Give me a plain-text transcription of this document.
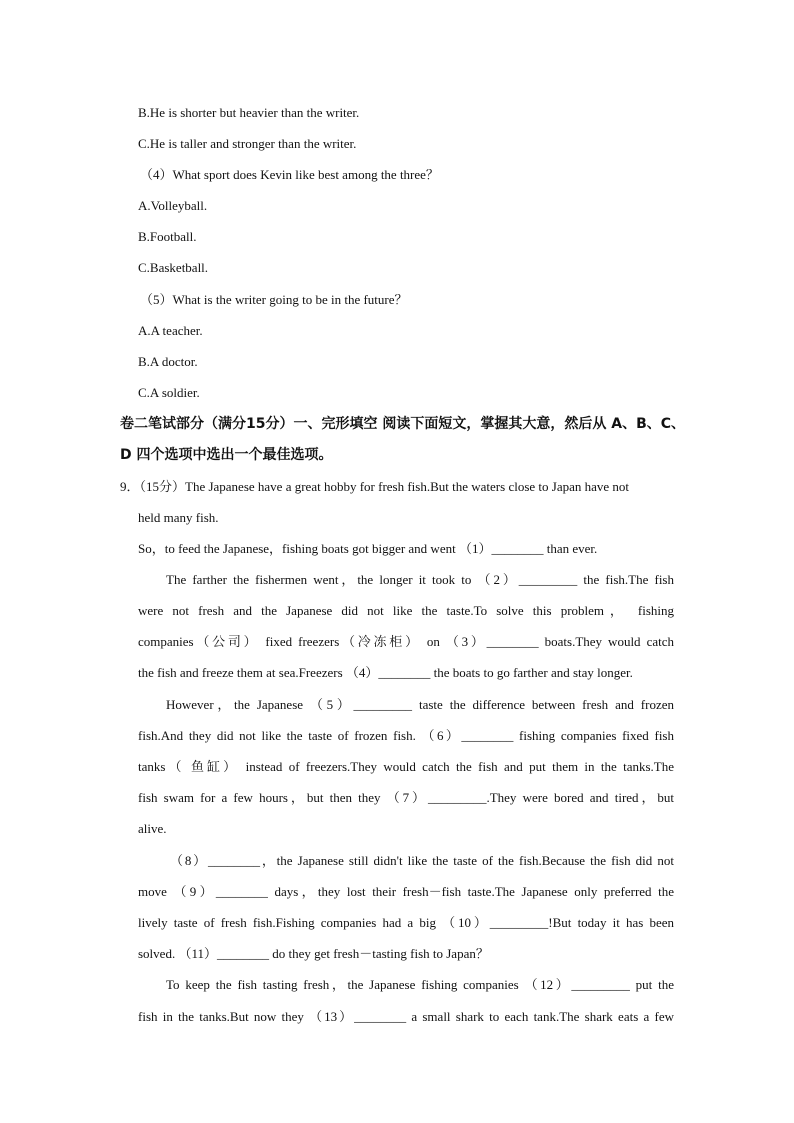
B.He is shorter but heavier than the writer.
C.He is taller and stronger than the writer.
（4）What sport does Kevin like best among the three？
A.Volleyball.
B.Football.
C.Basketball.
（5）What is the writer going to be in the future？
A.A teacher.
B.A doctor.
C.A soldier.
卷二笔试部分（满分15分）一、完形填空 阅读下面短文，掌握其大意，然后从 A、B、C、
D 四个选项中选出一个最佳选项。
9．（15分）The Japanese have a great hobby for fresh fish.But the waters close to Japan have not
held many fish.
So，to feed the Japanese，fishing boats got bigger and went （1）________ than ever.
The farther the fishermen went，the longer it took to （2）_________ the fish.The fish
were not fresh and the Japanese did not like the taste.To solve this problem， fishing
companies（公司） fixed freezers（冷冻柜） on （3）________ boats.They would catch
the fish and freeze them at sea.Freezers （4）________ the boats to go farther and stay longer.
However，the Japanese （5）_________ taste the difference between fresh and frozen
fish.And they did not like the taste of frozen fish. （6）________ fishing companies fixed fish
tanks（ 鱼缸） instead of freezers.They would catch the fish and put them in the tanks.The
fish swam for a few hours，but then they （7）_________.They were bored and tired，but
alive.
（8）________，the Japanese still didn't like the taste of the fish.Because the fish did not
move （9）________ days，they lost their fresh－fish taste.The Japanese only preferred the
lively taste of fresh fish.Fishing companies had a big （10）_________!But today it has been
solved. （11）________ do they get fresh－tasting fish to Japan？
To keep the fish tasting fresh，the Japanese fishing companies （12）_________ put the
fish in the tanks.But now they （13）________ a small shark to each tank.The shark eats a few
